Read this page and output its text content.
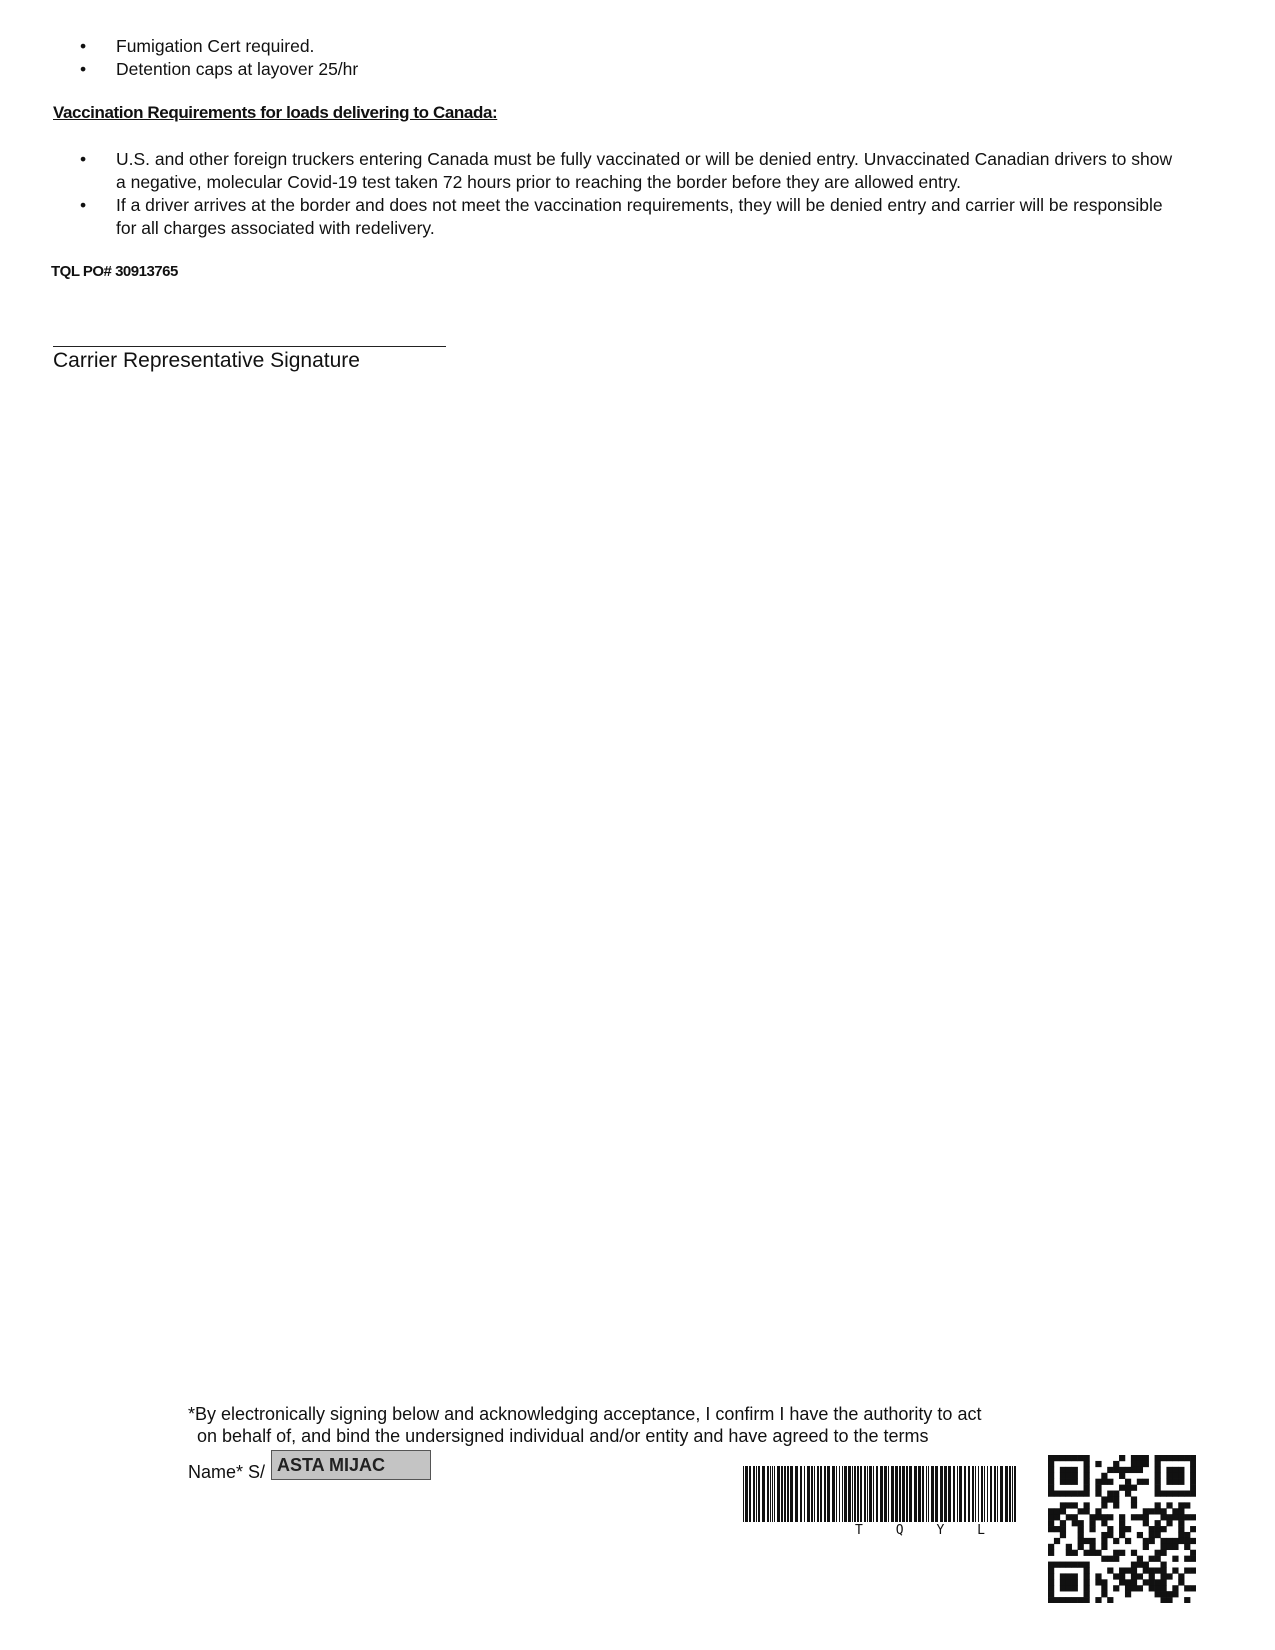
• Fumigation Cert required.
• Detention caps at layover 25/hr
Vaccination Requirements for loads delivering to Canada:
• U.S. and other foreign truckers entering Canada must be fully vaccinated or will be denied entry. Unvaccinated Canadian drivers to show a negative, molecular Covid-19 test taken 72 hours prior to reaching the border before they are allowed entry.
• If a driver arrives at the border and does not meet the vaccination requirements, they will be denied entry and carrier will be responsible for all charges associated with redelivery.
TQL PO# 30913765
Carrier Representative Signature

*By electronically signing below and acknowledging acceptance, I confirm I have the authority to act
on behalf of, and bind the undersigned individual and/or entity and have agreed to the terms

Name* S/ ASTA MIJAC
T	Q	Y	L
